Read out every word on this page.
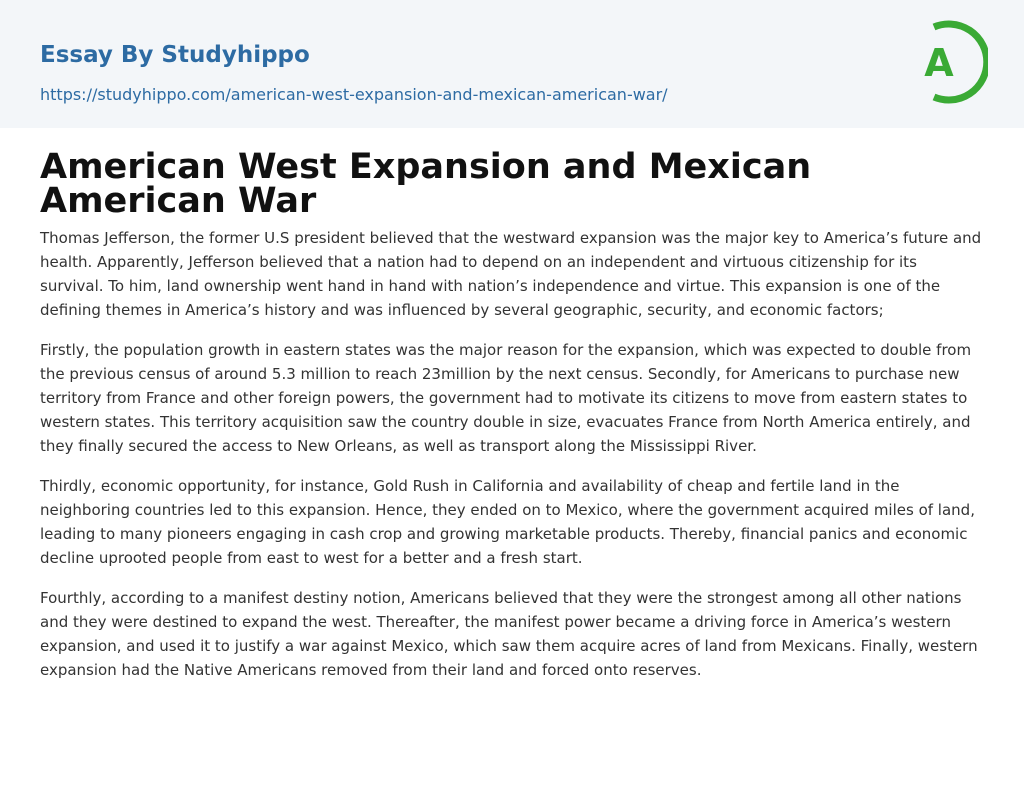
Essay By Studyhippo
https://studyhippo.com/american-west-expansion-and-mexican-american-war/
A
American West Expansion and Mexican American War

Thomas Jefferson, the former U.S president believed that the westward expansion was the major key to America’s future and health. Apparently, Jefferson believed that a nation had to depend on an independent and virtuous citizenship for its survival. To him, land ownership went hand in hand with nation’s independence and virtue. This expansion is one of the defining themes in America’s history and was influenced by several geographic, security, and economic factors;

Firstly, the population growth in eastern states was the major reason for the expansion, which was expected to double from the previous census of around 5.3 million to reach 23million by the next census. Secondly, for Americans to purchase new territory from France and other foreign powers, the government had to motivate its citizens to move from eastern states to western states. This territory acquisition saw the country double in size, evacuates France from North America entirely, and they finally secured the access to New Orleans, as well as transport along the Mississippi River.

Thirdly, economic opportunity, for instance, Gold Rush in California and availability of cheap and fertile land in the neighboring countries led to this expansion. Hence, they ended on to Mexico, where the government acquired miles of land, leading to many pioneers engaging in cash crop and growing marketable products. Thereby, financial panics and economic decline uprooted people from east to west for a better and a fresh start.

Fourthly, according to a manifest destiny notion, Americans believed that they were the strongest among all other nations and they were destined to expand the west. Thereafter, the manifest power became a driving force in America’s western expansion, and used it to justify a war against Mexico, which saw them acquire acres of land from Mexicans. Finally, western expansion had the Native Americans removed from their land and forced onto reserves.
